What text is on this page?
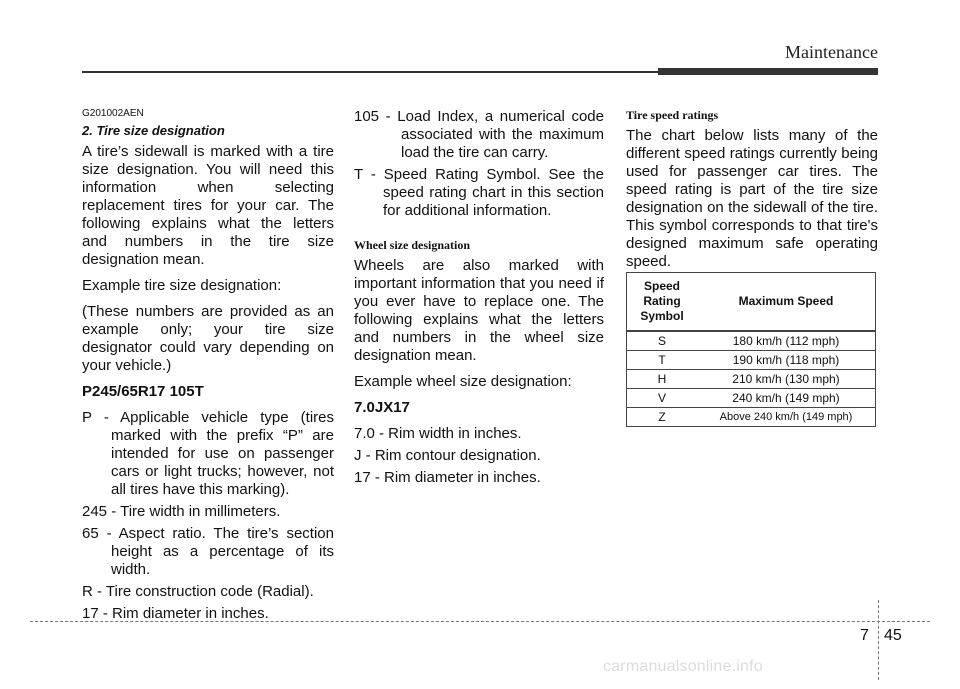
Maintenance
G201002AEN
2. Tire size designation

A tire’s sidewall is marked with a tire size designation. You will need this information when selecting replacement tires for your car. The following explains what the letters and numbers in the tire size designation mean.

Example tire size designation:

(These numbers are provided as an example only; your tire size designator could vary depending on your vehicle.)

P245/65R17 105T

P - Applicable vehicle type (tires marked with the prefix “P” are intended for use on passenger cars or light trucks; however, not all tires have this marking).

245 - Tire width in millimeters.

65 - Aspect ratio. The tire’s section height as a percentage of its width.

R - Tire construction code (Radial).

17 - Rim diameter in inches.

105 - Load Index, a numerical code associated with the maximum load the tire can carry.

T - Speed Rating Symbol. See the speed rating chart in this section for additional information.

Wheel size designation

Wheels are also marked with important information that you need if you ever have to replace one. The following explains what the letters and numbers in the wheel size designation mean.

Example wheel size designation:

7.0JX17

7.0 - Rim width in inches.

J - Rim contour designation.

17 - Rim diameter in inches.

Tire speed ratings

The chart below lists many of the different speed ratings currently being used for passenger car tires. The speed rating is part of the tire size designation on the sidewall of the tire. This symbol corresponds to that tire's designed maximum safe operating speed.

Speed Rating Symbol	Maximum Speed
S	180 km/h (112 mph)
T	190 km/h (118 mph)
H	210 km/h (130 mph)
V	240 km/h (149 mph)
Z	Above 240 km/h (149 mph)
7 45
carmanualsonline.info
